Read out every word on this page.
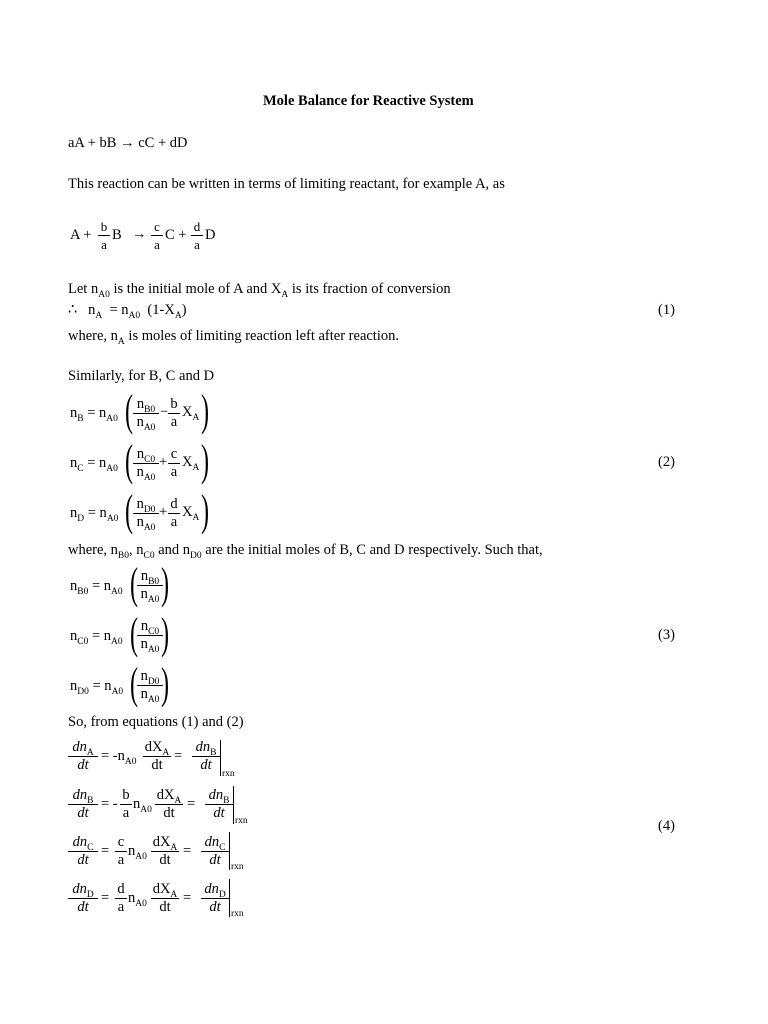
Mole Balance for Reactive System
aA + bB → cC + dD
This reaction can be written in terms of limiting reactant, for example A, as
$A + \frac{b}{a}$ $B \to \frac{c}{a}$ $C + \frac{d}{a}$ D
Let $n_{A0}$ is the initial mole of A and $X_A$ is its fraction of conversion
∴ $n_A = n_{A0}$  $(1-X_A)$	(1)
where, $n_A$ is moles of limiting reaction left after reaction.
Similarly, for B, C and D
$n_B = n_{A0}$ ( $\frac{n_{B0}}{n_{A0}} - \frac{b}{a} X_A$ )
$n_C = n_{A0}$ ( $\frac{n_{C0}}{n_{A0}} + \frac{c}{a} X_A$ )
$n_D = n_{A0}$ ( $\frac{n_{D0}}{n_{A0}} + \frac{d}{a} X_A$ )
(2)
where, $n_{B0}$, $n_{C0}$ and $n_{D0}$ are the initial moles of B, C and D respectively. Such that,
$n_{B0} = n_{A0}$ (
$\frac{n_{B0}}{n_{A0}}$
)
$n_{C0} = n_{A0}$ (
$\frac{n_{C0}}{n_{A0}}$
)
$n_{D0} = n_{A0}$ (
$\frac{n_{D0}}{n_{A0}}$
)
(3)
So, from equations (1) and (2)
$dn_A$
dt
= $-n_{A0}$
$dX_A$
dt
=
$dn_B$
dt
rxn
$dn_B$
dt
= - $\frac{b}{a} n_{A0}$
$dX_A$
dt
=
$dn_B$
dt	rxn
$dn_C$
dt
= $\frac{c}{a} n_{A0}$
$dX_A$
dt
=
$dn_C$
dt	rxn
$dn_D$
dt
= $\frac{d}{a} n_{A0}$
$dX_A$
dt
=
$dn_D$
dt	rxn
(4)
